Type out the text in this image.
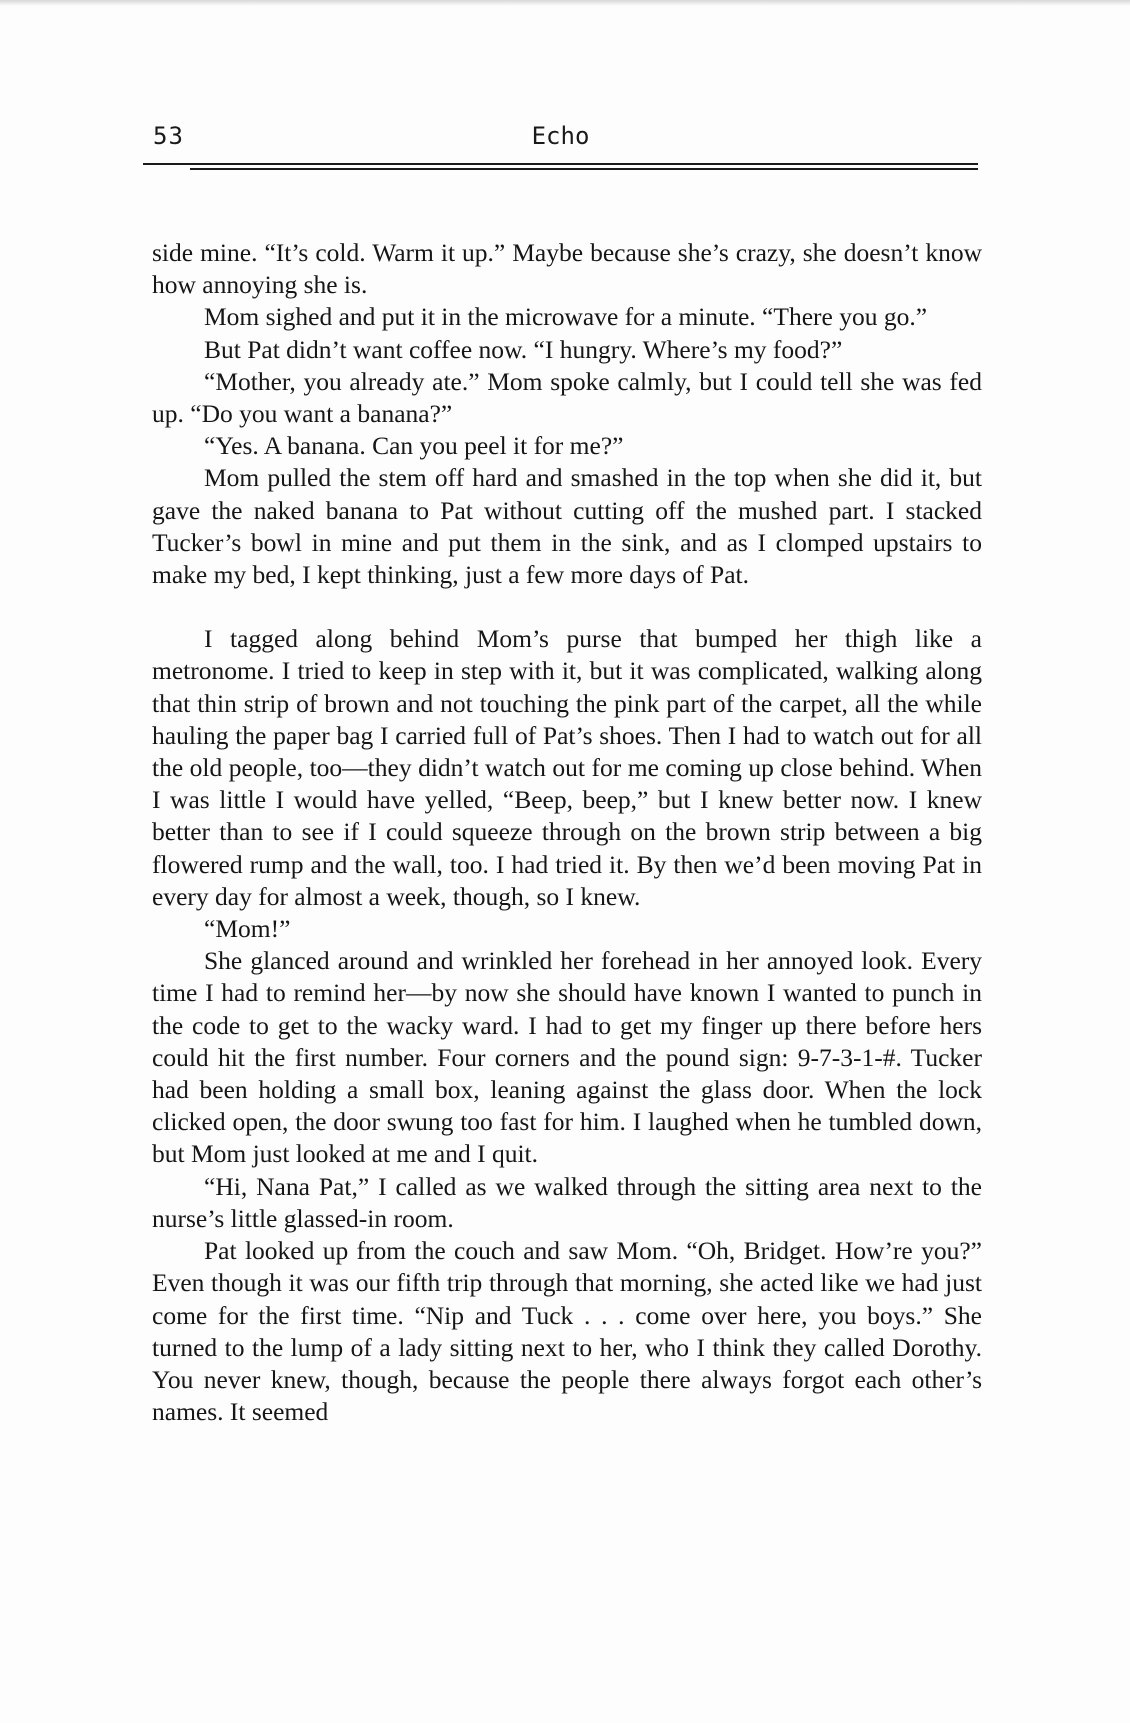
53	Echo

side mine. “It’s cold. Warm it up.” Maybe because she’s crazy, she doesn’t know how annoying she is.

Mom sighed and put it in the microwave for a minute. “There you go.”

But Pat didn’t want coffee now. “I hungry. Where’s my food?”

“Mother, you already ate.” Mom spoke calmly, but I could tell she was fed up. “Do you want a banana?”

“Yes. A banana. Can you peel it for me?”

Mom pulled the stem off hard and smashed in the top when she did it, but gave the naked banana to Pat without cutting off the mushed part. I stacked Tucker’s bowl in mine and put them in the sink, and as I clomped upstairs to make my bed, I kept thinking, just a few more days of Pat.

I tagged along behind Mom’s purse that bumped her thigh like a metronome. I tried to keep in step with it, but it was complicated, walking along that thin strip of brown and not touching the pink part of the carpet, all the while hauling the paper bag I carried full of Pat’s shoes. Then I had to watch out for all the old people, too—they didn’t watch out for me coming up close behind. When I was little I would have yelled, “Beep, beep,” but I knew better now. I knew better than to see if I could squeeze through on the brown strip between a big flowered rump and the wall, too. I had tried it. By then we’d been moving Pat in every day for almost a week, though, so I knew.

“Mom!”

She glanced around and wrinkled her forehead in her annoyed look. Every time I had to remind her—by now she should have known I wanted to punch in the code to get to the wacky ward. I had to get my finger up there before hers could hit the first number. Four corners and the pound sign: 9-7-3-1-#. Tucker had been holding a small box, leaning against the glass door. When the lock clicked open, the door swung too fast for him. I laughed when he tumbled down, but Mom just looked at me and I quit.

“Hi, Nana Pat,” I called as we walked through the sitting area next to the nurse’s little glassed-in room.

Pat looked up from the couch and saw Mom. “Oh, Bridget. How’re you?” Even though it was our fifth trip through that morning, she acted like we had just come for the first time. “Nip and Tuck . . . come over here, you boys.” She turned to the lump of a lady sitting next to her, who I think they called Dorothy. You never knew, though, because the people there always forgot each other’s names. It seemed
